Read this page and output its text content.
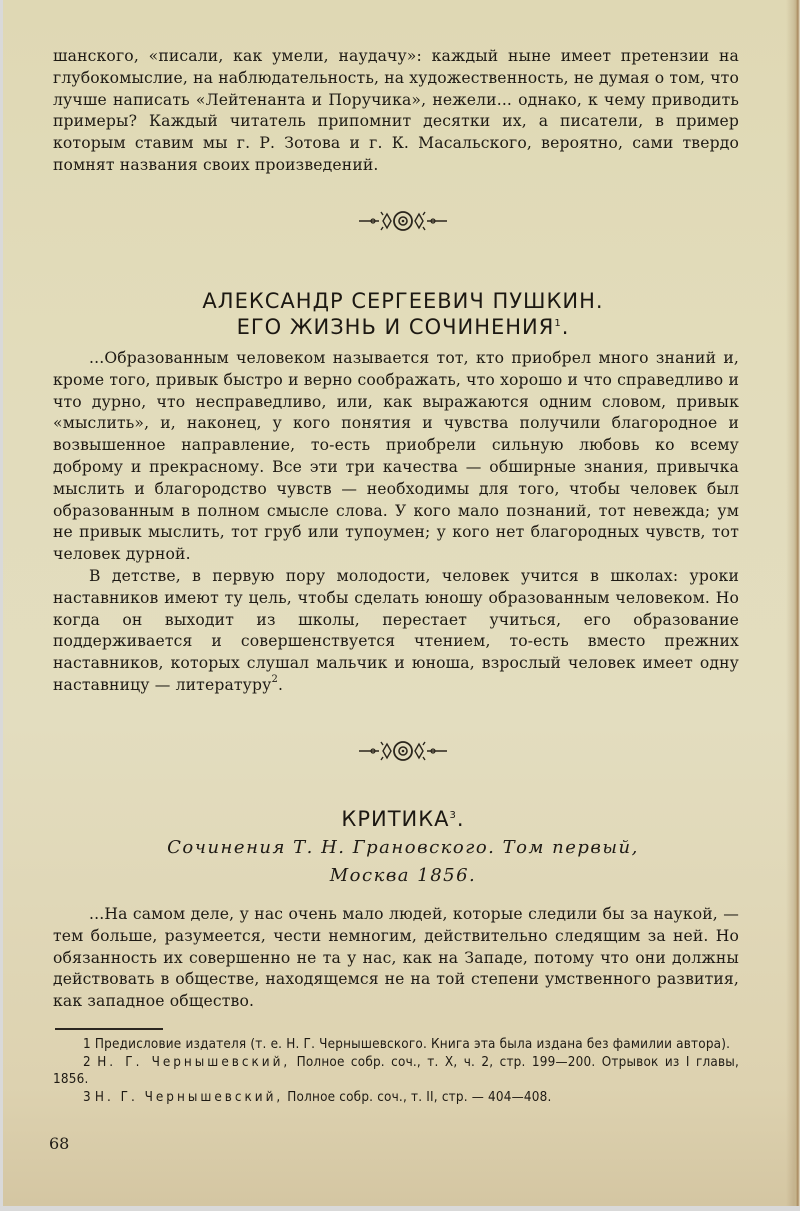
шанского, «писали, как умели, наудачу»: каждый ныне имеет претензии на глубокомыслие, на наблюдательность, на художественность, не думая о том, что лучше написать «Лейтенанта и Поручика», нежели... однако, к чему приводить примеры? Каждый читатель припомнит десятки их, а писатели, в пример которым ставим мы г. Р. Зотова и г. К. Масальского, вероятно, сами твердо помнят названия своих произведений.

АЛЕКСАНДР СЕРГЕЕВИЧ ПУШКИН.
ЕГО ЖИЗНЬ И СОЧИНЕНИЯ$^1$.

...Образованным человеком называется тот, кто приобрел много знаний и, кроме того, привык быстро и верно соображать, что хорошо и что справедливо и что дурно, что несправедливо, или, как выражаются одним словом, привык «мыслить», и, наконец, у кого понятия и чувства получили благородное и возвышенное направление, то-есть приобрели сильную любовь ко всему доброму и прекрасному. Все эти три качества — обширные знания, привычка мыслить и благородство чувств — необходимы для того, чтобы человек был образованным в полном смысле слова. У кого мало познаний, тот невежда; ум не привык мыслить, тот груб или тупоумен; у кого нет благородных чувств, тот человек дурной.

В детстве, в первую пору молодости, человек учится в школах: уроки наставников имеют ту цель, чтобы сделать юношу образованным человеком. Но когда он выходит из школы, перестает учиться, его образование поддерживается и совершенствуется чтением, то-есть вместо прежних наставников, которых слушал мальчик и юноша, взрослый человек имеет одну наставницу — литературу$^2$.

КРИТИКА$^3$.
Сочинения Т. Н. Грановского. Том первый,
Москва 1856.

...На самом деле, у нас очень мало людей, которые следили бы за наукой, — тем больше, разумеется, чести немногим, действительно следящим за ней. Но обязанность их совершенно не та у нас, как на Западе, потому что они должны действовать в обществе, находящемся не на той степени умственного развития, как западное общество.

1 Предисловие издателя (т. е. Н. Г. Чернышевского. Книга эта была издана без фамилии автора).

2 Н. Г. Чернышевский, Полное собр. соч., т. X, ч. 2, стр. 199—200. Отрывок из I главы, 1856.

3 Н. Г. Чернышевский, Полное собр. соч., т. II, стр. — 404—408.

68
